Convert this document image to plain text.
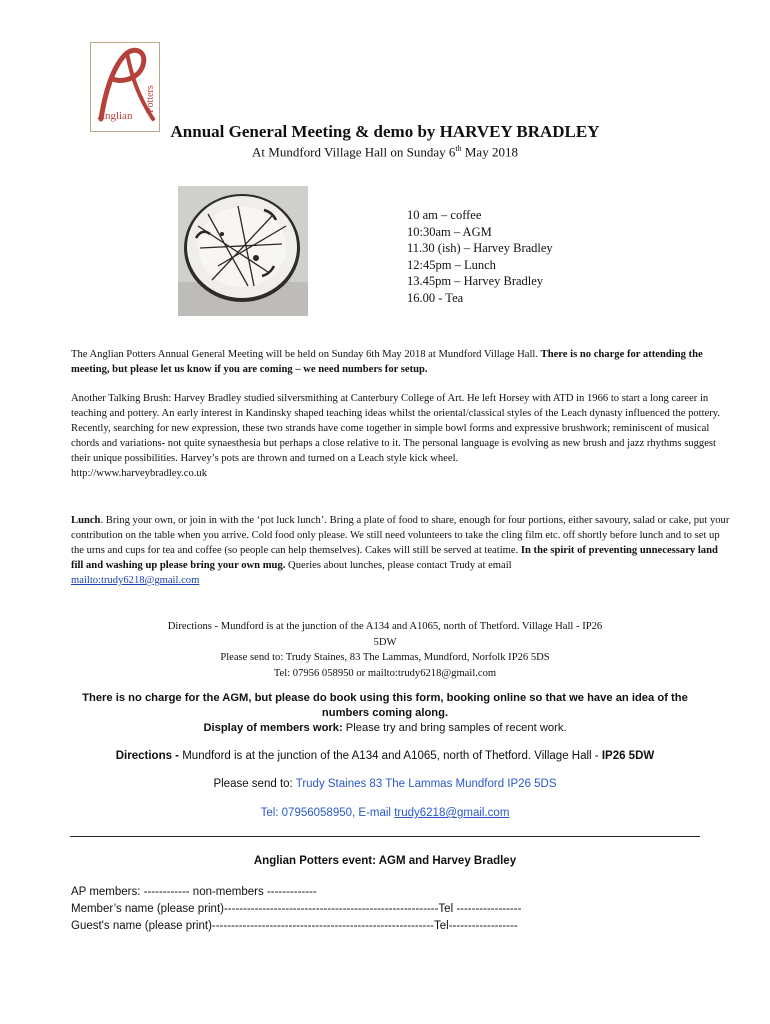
Anglian
Potters
Annual General Meeting & demo by HARVEY BRADLEY
At Mundford Village Hall on Sunday 6th May 2018
10 am – coffee
10:30am – AGM
11.30 (ish) – Harvey Bradley
12:45pm – Lunch
13.45pm – Harvey Bradley
16.00 - Tea
The Anglian Potters Annual General Meeting will be held on Sunday 6th May 2018 at Mundford Village Hall. There is no charge for attending the meeting, but please let us know if you are coming – we need numbers for setup.
Another Talking Brush: Harvey Bradley studied silversmithing at Canterbury College of Art. He left Horsey with ATD in 1966 to start a long career in teaching and pottery. An early interest in Kandinsky shaped teaching ideas whilst the oriental/classical styles of the Leach dynasty influenced the pottery. Recently, searching for new expression, these two strands have come together in simple bowl forms and expressive brushwork; reminiscent of musical chords and variations- not quite synaesthesia but perhaps a close relative to it. The personal language is evolving as new brush and jazz rhythms suggest their unique possibilities. Harvey’s pots are thrown and turned on a Leach style kick wheel.
http://www.harveybradley.co.uk
Lunch. Bring your own, or join in with the ‘pot luck lunch’. Bring a plate of food to share, enough for four portions, either savoury, salad or cake, put your contribution on the table when you arrive. Cold food only please. We still need volunteers to take the cling film etc. off shortly before lunch and to set up the urns and cups for tea and coffee (so people can help themselves). Cakes will still be served at teatime. In the spirit of preventing unnecessary land fill and washing up please bring your own mug. Queries about lunches, please contact Trudy at email
mailto:trudy6218@gmail.com
Directions - Mundford is at the junction of the A134 and A1065, north of Thetford. Village Hall - IP26
5DW
Please send to: Trudy Staines, 83 The Lammas, Mundford, Norfolk IP26 5DS
Tel: 07956 058950 or mailto:trudy6218@gmail.com
There is no charge for the AGM, but please do book using this form, booking online so that we have an idea of the numbers coming along.
Display of members work: Please try and bring samples of recent work.
Directions - Mundford is at the junction of the A134 and A1065, north of Thetford. Village Hall - IP26 5DW
Please send to: Trudy Staines 83 The Lammas Mundford IP26 5DS
Tel: 07956058950, E-mail trudy6218@gmail.com
Anglian Potters event: AGM and Harvey Bradley
AP members: ------------ non-members -------------
Member’s name (please print)--------------------------------------------------------Tel -----------------
Guest's name (please print)----------------------------------------------------------Tel------------------
